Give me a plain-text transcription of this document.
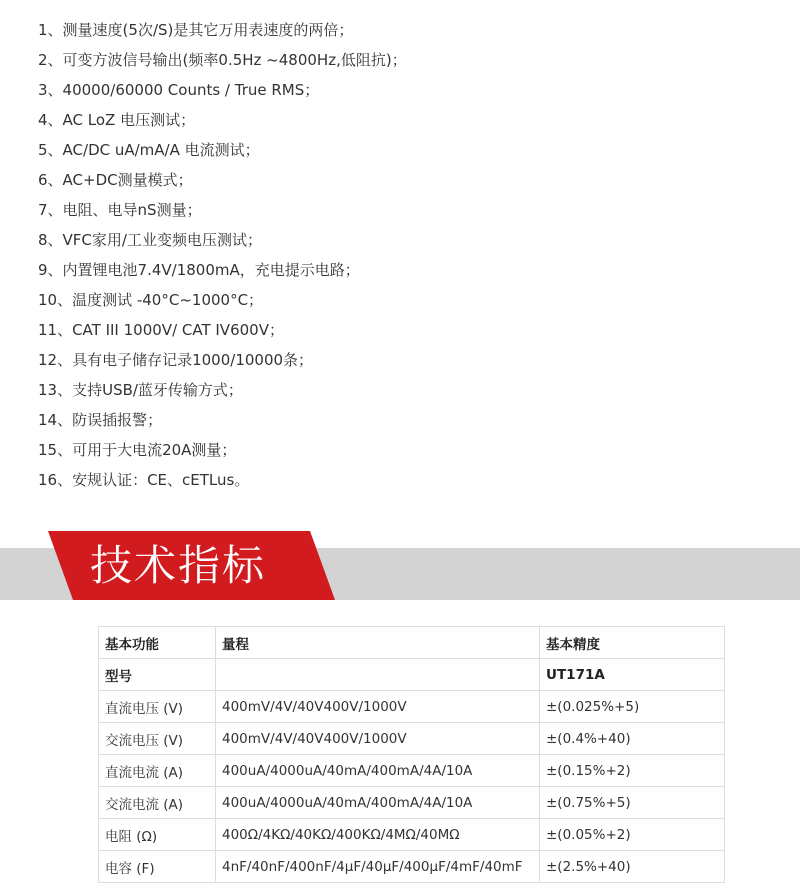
1、测量速度(5次/S)是其它万用表速度的两倍；
2、可变方波信号输出(频率0.5Hz ~4800Hz,低阻抗)；
3、40000/60000 Counts / True RMS；
4、AC LoZ 电压测试；
5、AC/DC uA/mA/A 电流测试；
6、AC+DC测量模式；
7、电阻、电导nS测量；
8、VFC家用/工业变频电压测试；
9、内置锂电池7.4V/1800mA，充电提示电路；
10、温度测试 -40°C~1000°C；
11、CAT III 1000V/ CAT IV600V；
12、具有电子储存记录1000/10000条；
13、支持USB/蓝牙传输方式；
14、防误插报警；
15、可用于大电流20A测量；
16、安规认证：CE、cETLus。
技术指标
基本功能	量程	基本精度
型号		UT171A
直流电压 (V)	400mV/4V/40V400V/1000V	±(0.025%+5)
交流电压 (V)	400mV/4V/40V400V/1000V	±(0.4%+40)
直流电流 (A)	400uA/4000uA/40mA/400mA/4A/10A	±(0.15%+2)
交流电流 (A)	400uA/4000uA/40mA/400mA/4A/10A	±(0.75%+5)
电阻 (Ω)	400Ω/4KΩ/40KΩ/400KΩ/4MΩ/40MΩ	±(0.05%+2)
电容 (F)	4nF/40nF/400nF/4μF/40μF/400μF/4mF/40mF	±(2.5%+40)
